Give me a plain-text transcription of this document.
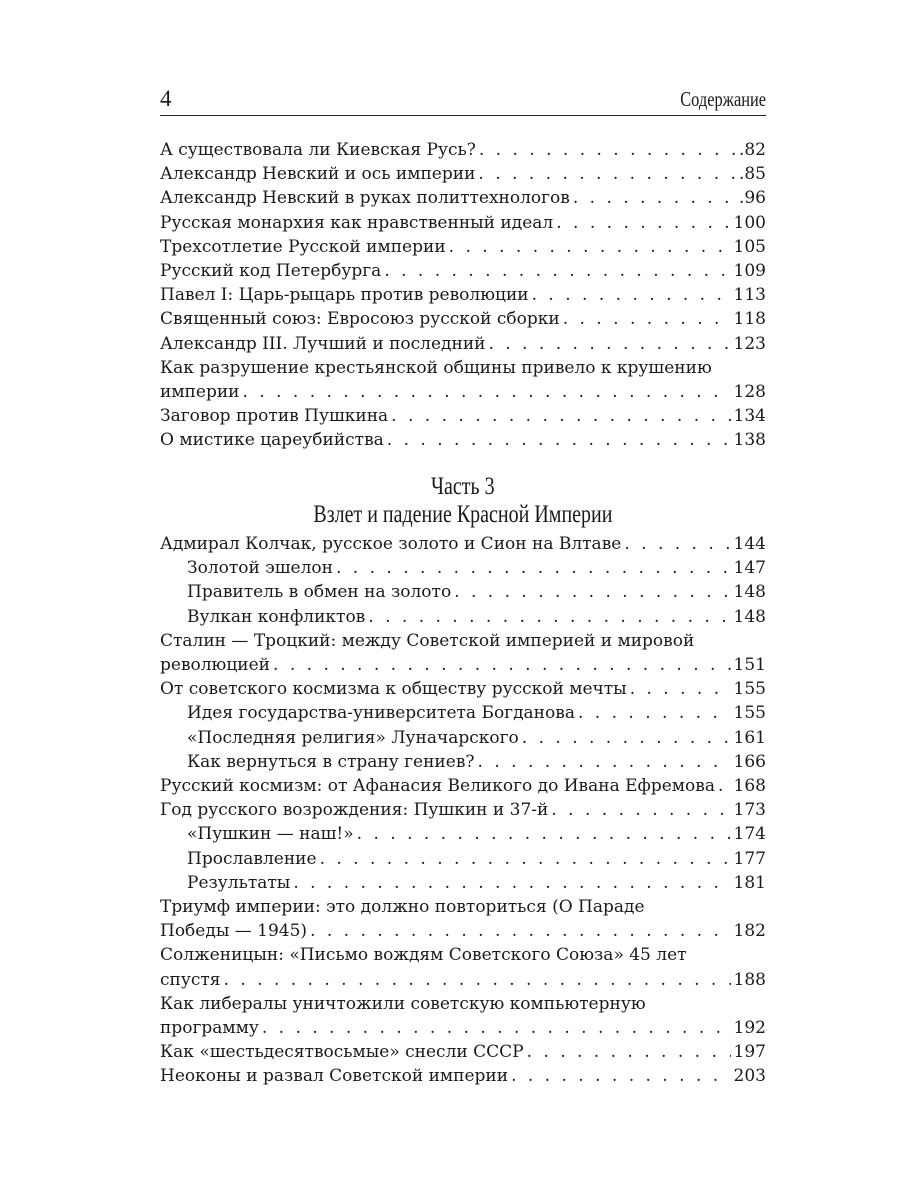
4	Содержание
А существовала ли Киевская Русь? . . .	.82
Александр Невский и ось империи . . .	.85
Александр Невский в руках политтехнологов . . .	.96
Русская монархия как нравственный идеал . . .	100
Трехсотлетие Русской империи . . .	105
Русский код Петербурга . . .	109
Павел I: Царь-рыцарь против революции . . .	113
Священный союз: Евросоюз русской сборки . . .	118
Александр III. Лучший и последний . . .	123
Как разрушение крестьянской общины привело к крушению
империи . . .	128
Заговор против Пушкина . . .	134
О мистике цареубийства . . .	138
Часть 3
Взлет и падение Красной Империи
Адмирал Колчак, русское золото и Сион на Влтаве . . .	144
Золотой эшелон . . .	147
Правитель в обмен на золото . . .	148
Вулкан конфликтов . . .	148
Сталин — Троцкий: между Советской империей и мировой
революцией . . .	151
От советского космизма к обществу русской мечты . . .	155
Идея государства-университета Богданова . . .	155
«Последняя религия» Луначарского . . .	161
Как вернуться в страну гениев? . . .	166
Русский космизм: от Афанасия Великого до Ивана Ефремова . . . 168
Год русского возрождения: Пушкин и 37-й . . .	173
«Пушкин — наш!» . . .	174
Прославление . . .	177
Результаты . . .	181
Триумф империи: это должно повториться (О Параде
Победы — 1945) . . .	182
Солженицын: «Письмо вождям Советского Союза» 45 лет
спустя . . .	188
Как либералы уничтожили советскую компьютерную
программу . . .	192
Как «шестьдесятвосьмые» снесли СССР . . .	197
Неоконы и развал Советской империи . . .	203
